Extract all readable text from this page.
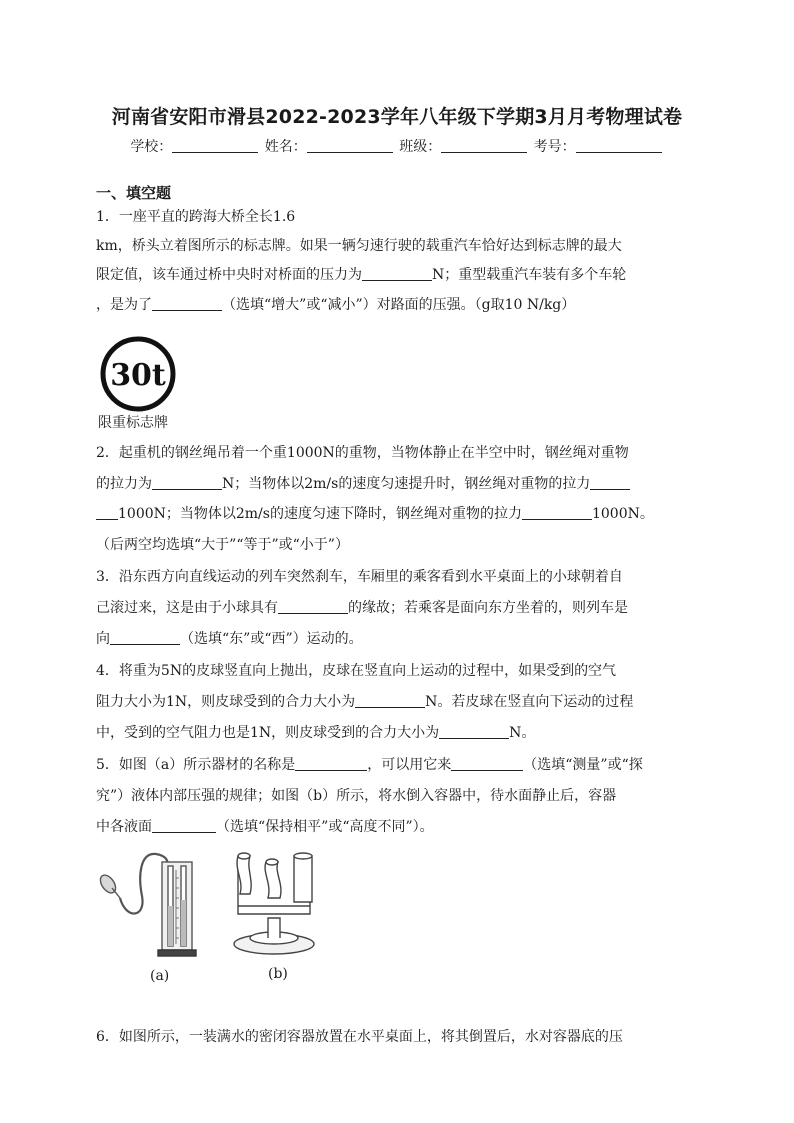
河南省安阳市滑县2022-2023学年八年级下学期3月月考物理试卷
学校：	姓名：	班级：	考号：
一、填空题
1．一座平直的跨海大桥全长1.6
km，桥头立着图所示的标志牌。如果一辆匀速行驶的载重汽车恰好达到标志牌的最大
限定值，该车通过桥中央时对桥面的压力为	N；重型载重汽车装有多个车轮
，是为了	（选填“增大”或“减小”）对路面的压强。（g取10 N/kg）
30t
限重标志牌
2．起重机的钢丝绳吊着一个重1000N的重物，当物体静止在半空中时，钢丝绳对重物
的拉力为	N；当物体以2m/s的速度匀速提升时，钢丝绳对重物的拉力
1000N；当物体以2m/s的速度匀速下降时，钢丝绳对重物的拉力	1000N。
（后两空均选填“大于”“等于”或“小于”）
3．沿东西方向直线运动的列车突然刹车，车厢里的乘客看到水平桌面上的小球朝着自
己滚过来，这是由于小球具有	的缘故；若乘客是面向东方坐着的，则列车是
向	（选填“东”或“西”）运动的。
4．将重为5N的皮球竖直向上抛出，皮球在竖直向上运动的过程中，如果受到的空气
阻力大小为1N，则皮球受到的合力大小为	N。若皮球在竖直向下运动的过程
中，受到的空气阻力也是1N，则皮球受到的合力大小为	N。
5．如图（a）所示器材的名称是	，可以用它来	（选填“测量”或“探
究”）液体内部压强的规律；如图（b）所示，将水倒入容器中，待水面静止后，容器
中各液面	（选填“保持相平”或“高度不同”）。
(a)	(b)
6．如图所示，一装满水的密闭容器放置在水平桌面上，将其倒置后，水对容器底的压
